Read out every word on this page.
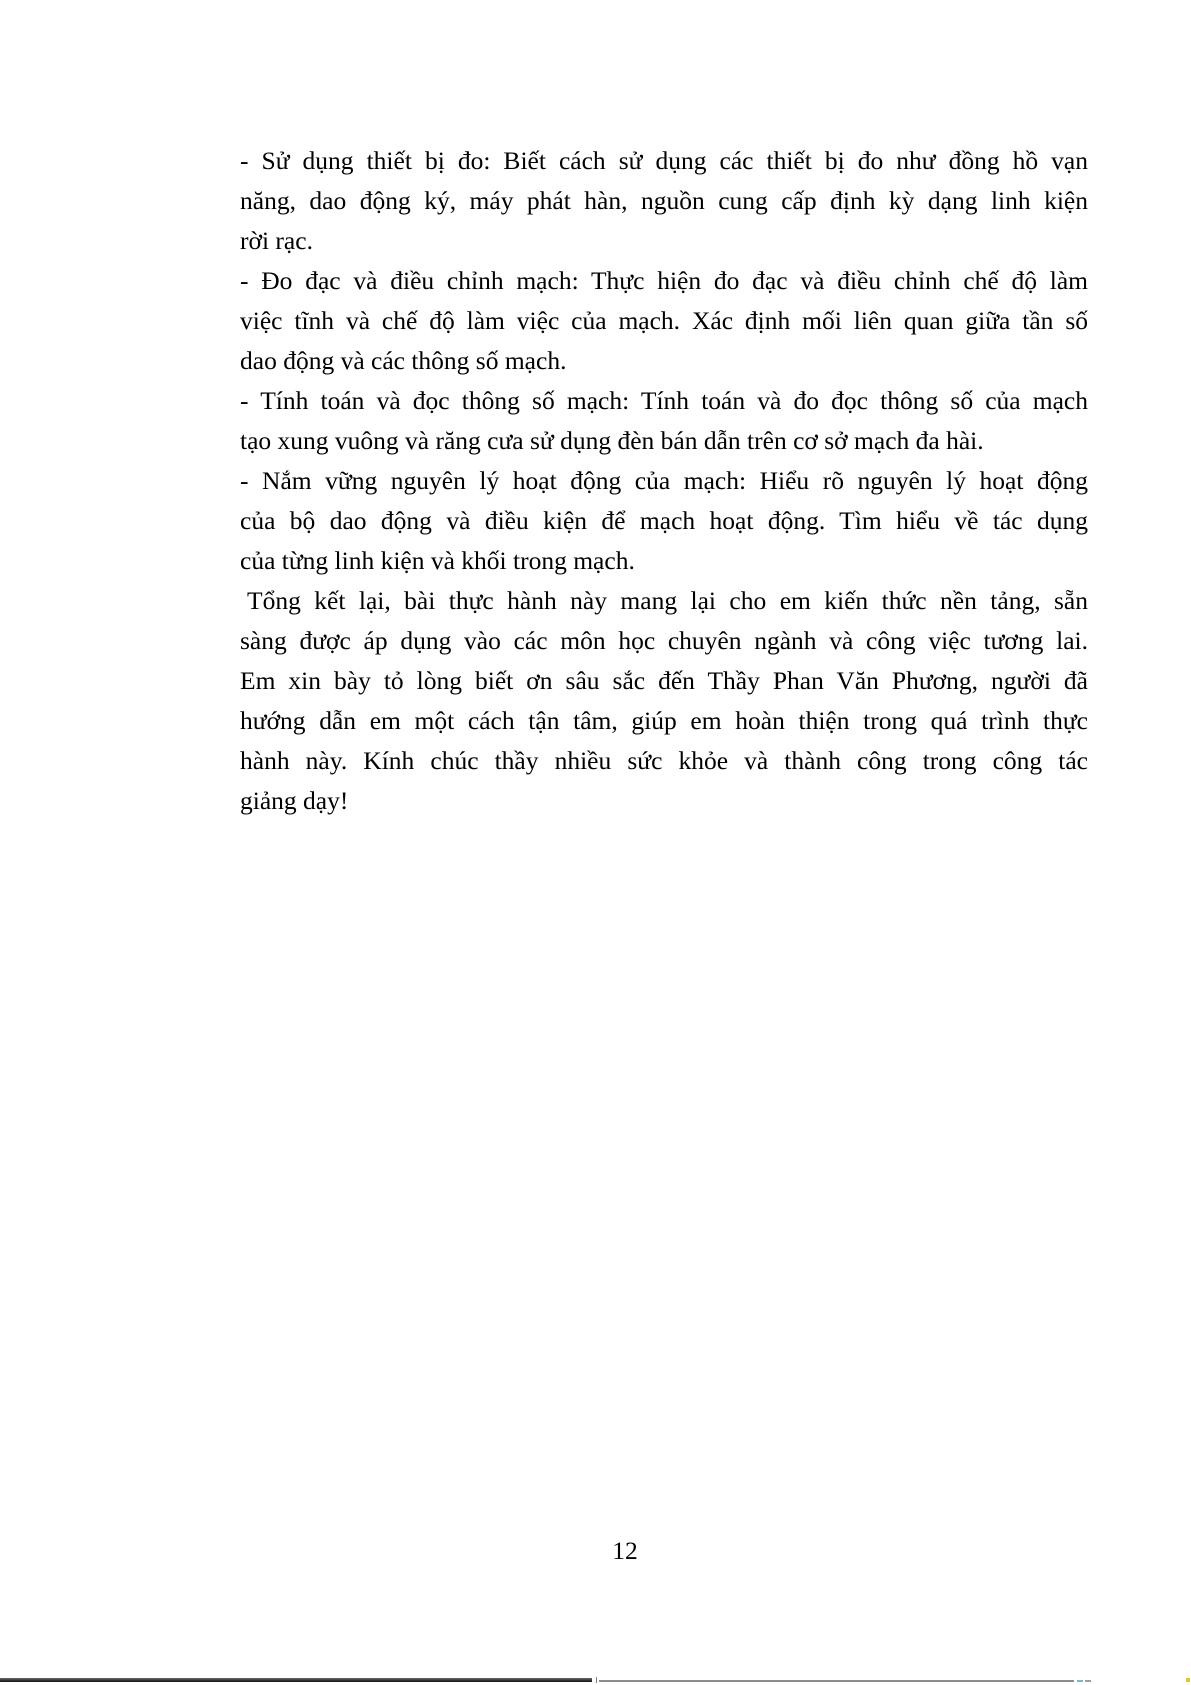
- Sử dụng thiết bị đo: Biết cách sử dụng các thiết bị đo như đồng hồ vạn
năng, dao động ký, máy phát hàn, nguồn cung cấp định kỳ dạng linh kiện
rời rạc.
- Đo đạc và điều chỉnh mạch: Thực hiện đo đạc và điều chỉnh chế độ làm
việc tĩnh và chế độ làm việc của mạch. Xác định mối liên quan giữa tần số
dao động và các thông số mạch.
- Tính toán và đọc thông số mạch: Tính toán và đo đọc thông số của mạch
tạo xung vuông và răng cưa sử dụng đèn bán dẫn trên cơ sở mạch đa hài.
- Nắm vững nguyên lý hoạt động của mạch: Hiểu rõ nguyên lý hoạt động
của bộ dao động và điều kiện để mạch hoạt động. Tìm hiểu về tác dụng
của từng linh kiện và khối trong mạch.
Tổng kết lại, bài thực hành này mang lại cho em kiến thức nền tảng, sẵn
sàng được áp dụng vào các môn học chuyên ngành và công việc tương lai.
Em xin bày tỏ lòng biết ơn sâu sắc đến Thầy Phan Văn Phương, người đã
hướng dẫn em một cách tận tâm, giúp em hoàn thiện trong quá trình thực
hành này. Kính chúc thầy nhiều sức khỏe và thành công trong công tác
giảng dạy!
12
